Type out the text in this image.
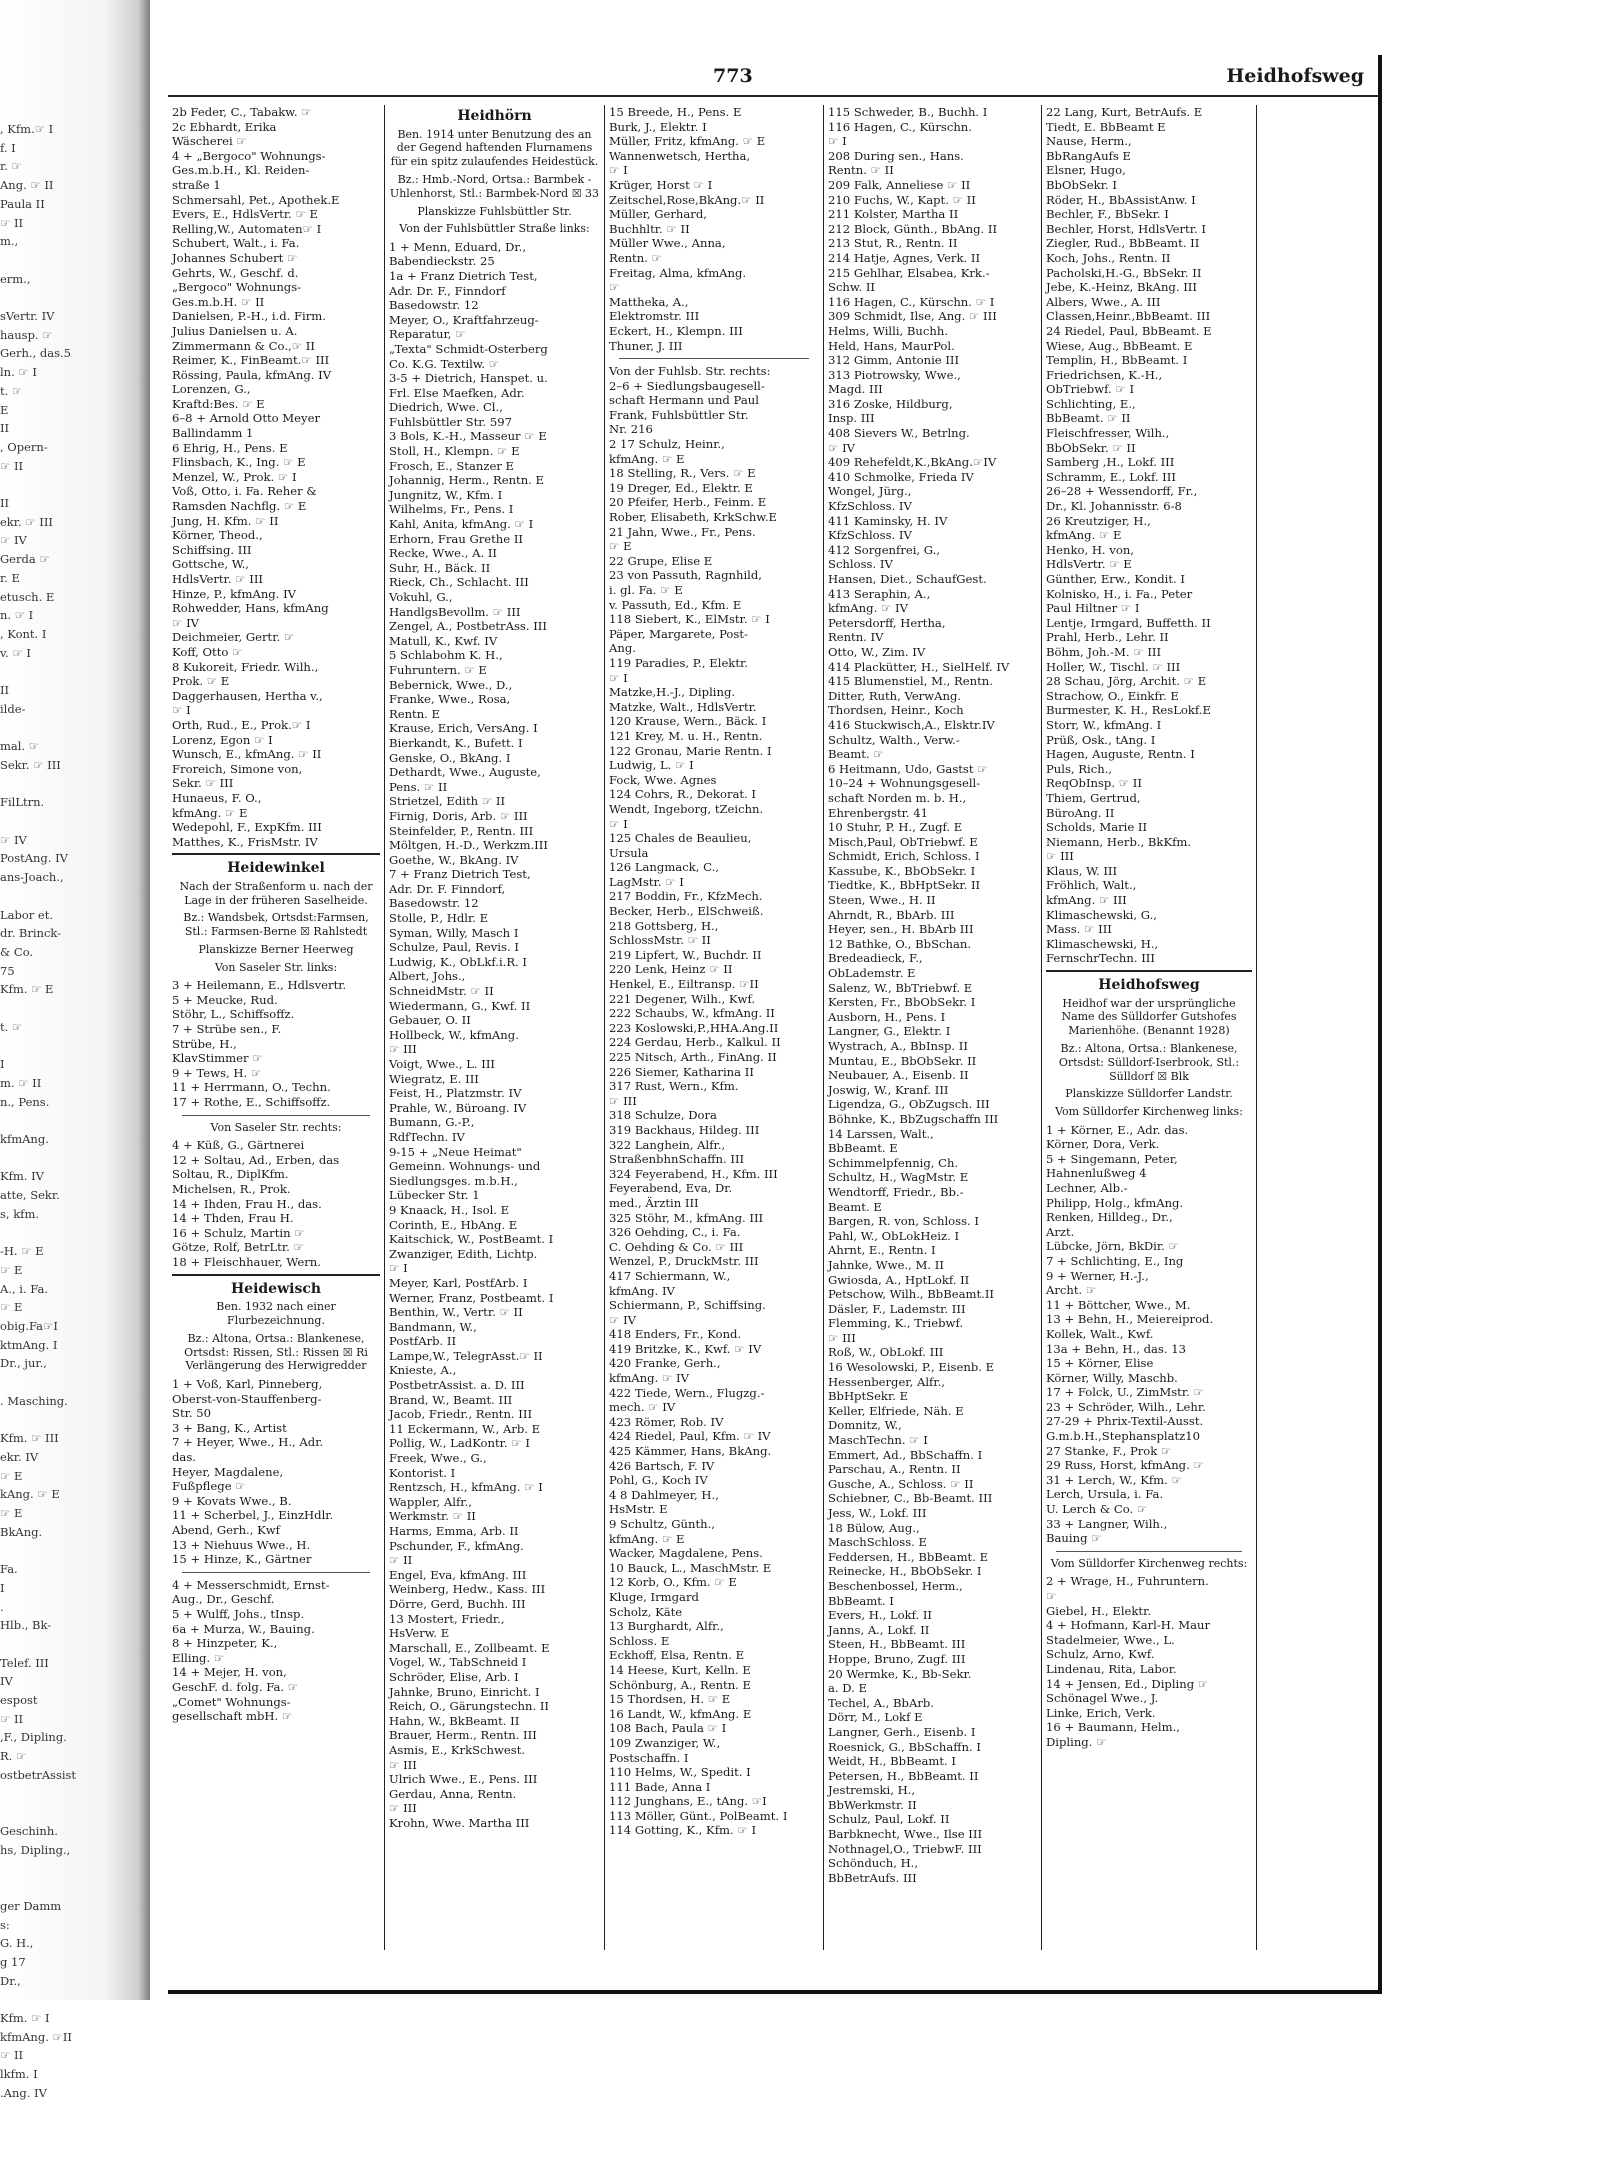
, Kfm.☞ I
f. I
r. ☞
Ang. ☞ II
Paula II
☞ II
m.,

erm.,

sVertr. IV
hausp. ☞
Gerh., das.5
ln. ☞ I
t. ☞
E
II
, Opern-
☞ II

II
ekr. ☞ III
☞ IV
Gerda ☞
r. E
etusch. E
n. ☞ I
, Kont. I
v. ☞ I

II
ilde-

mal. ☞
Sekr. ☞ III

FilLtrn.

☞ IV
PostAng. IV
ans-Joach.,

Labor et.
dr. Brinck-
& Co.
75
Kfm. ☞ E

t. ☞

I
m. ☞ II
n., Pens.

kfmAng.

Kfm. IV
atte, Sekr.
s, kfm.

-H. ☞ E
☞ E
A., i. Fa.
☞ E
obig.Fa☞I
ktmAng. I
Dr., jur.,

. Masching.

Kfm. ☞ III
ekr. IV
☞ E
kAng. ☞ E
☞ E
BkAng.

Fa.
I
.
Hlb., Bk-

Telef. III
IV
espost
☞ II
,F., Dipling.
R. ☞
ostbetrAssist

Geschinh.
hs, Dipling.,

ger Damm
s:
G. H.,
g 17
Dr.,

Kfm. ☞ I
kfmAng. ☞II
☞ II
lkfm. I
.Ang. IV
773	Heidhofsweg
2b Feder, C., Tabakw. ☞
2c Ebhardt, Erika
Wäscherei ☞
4 + „Bergoco" Wohnungs-
Ges.m.b.H., Kl. Reiden-
straße 1
Schmersahl, Pet., Apothek.E
Evers, E., HdlsVertr. ☞ E
Relling,W., Automaten☞ I
Schubert, Walt., i. Fa.
Johannes Schubert ☞
Gehrts, W., Geschf. d.
„Bergoco" Wohnungs-
Ges.m.b.H. ☞ II
Danielsen, P.-H., i.d. Firm.
Julius Danielsen u. A.
Zimmermann & Co.,☞ II
Reimer, K., FinBeamt.☞ III
Rössing, Paula, kfmAng. IV
Lorenzen, G.,
Kraftd:Bes. ☞ E
6–8 + Arnold Otto Meyer
Ballindamm 1
6 Ehrig, H., Pens. E
Flinsbach, K., Ing. ☞ E
Menzel, W., Prok. ☞ I
Voß, Otto, i. Fa. Reher &
Ramsden Nachflg. ☞ E
Jung, H. Kfm. ☞ II
Körner, Theod.,
Schiffsing. III
Gottsche, W.,
HdlsVertr. ☞ III
Hinze, P., kfmAng. IV
Rohwedder, Hans, kfmAng
☞ IV
Deichmeier, Gertr. ☞
Koff, Otto ☞
8 Kukoreit, Friedr. Wilh.,
Prok. ☞ E
Daggerhausen, Hertha v.,
☞ I
Orth, Rud., E., Prok.☞ I
Lorenz, Egon ☞ I
Wunsch, E., kfmAng. ☞ II
Froreich, Simone von,
Sekr. ☞ III
Hunaeus, F. O.,
kfmAng. ☞ E
Wedepohl, F., ExpKfm. III
Matthes, K., FrisMstr. IV
Heidewinkel
Nach der Straßenform u. nach der Lage in der früheren Saselheide.
Bz.: Wandsbek, Ortsdst:Farmsen, Stl.: Farmsen-Berne ☒ Rahlstedt
Planskizze Berner Heerweg
Von Saseler Str. links:
3 + Heilemann, E., Hdlsvertr.
5 + Meucke, Rud.
Stöhr, L., Schiffsoffz.
7 + Strübe sen., F.
Strübe, H.,
KlavStimmer ☞
9 + Tews, H. ☞
11 + Herrmann, O., Techn.
17 + Rothe, E., Schiffsoffz.
Von Saseler Str. rechts:
4 + Küß, G., Gärtnerei
12 + Soltau, Ad., Erben, das
Soltau, R., DiplKfm.
Michelsen, R., Prok.
14 + Ihden, Frau H., das.
14 + Thden, Frau H.
16 + Schulz, Martin ☞
Götze, Rolf, BetrLtr. ☞
18 + Fleischhauer, Wern.
Heidewisch
Ben. 1932 nach einer Flurbezeichnung.
Bz.: Altona, Ortsa.: Blankenese, Ortsdst: Rissen, Stl.: Rissen ☒ Ri Verlängerung des Herwigredder
1 + Voß, Karl, Pinneberg,
Oberst-von-Stauffenberg-
Str. 50
3 + Bang, K., Artist
7 + Heyer, Wwe., H., Adr.
das.
Heyer, Magdalene,
Fußpflege ☞
9 + Kovats Wwe., B.
11 + Scherbel, J., EinzHdlr.
Abend, Gerh., Kwf
13 + Niehuus Wwe., H.
15 + Hinze, K., Gärtner
4 + Messerschmidt, Ernst-
Aug., Dr., Geschf.
5 + Wulff, Johs., tInsp.
6a + Murza, W., Bauing.
8 + Hinzpeter, K.,
Elling. ☞
14 + Mejer, H. von,
GeschF. d. folg. Fa. ☞
„Comet" Wohnungs-
gesellschaft mbH. ☞
Heidhörn
Ben. 1914 unter Benutzung des an der Gegend haftenden Flurnamens für ein spitz zulaufendes Heidestück.
Bz.: Hmb.-Nord, Ortsa.: Barmbek - Uhlenhorst, Stl.: Barmbek-Nord ☒ 33
Planskizze Fuhlsbüttler Str.
Von der Fuhlsbüttler Straße links:
1 + Menn, Eduard, Dr.,
Babendieckstr. 25
1a + Franz Dietrich Test,
Adr. Dr. F., Finndorf
Basedowstr. 12
Meyer, O., Kraftfahrzeug-
Reparatur, ☞
„Texta" Schmidt-Osterberg
Co. K.G. Textilw. ☞
3-5 + Dietrich, Hanspet. u.
Frl. Else Maefken, Adr.
Diedrich, Wwe. Cl.,
Fuhlsbüttler Str. 597
3 Bols, K.-H., Masseur ☞ E
Stoll, H., Klempn. ☞ E
Frosch, E., Stanzer E
Johannig, Herm., Rentn. E
Jungnitz, W., Kfm. I
Wilhelms, Fr., Pens. I
Kahl, Anita, kfmAng. ☞ I
Erhorn, Frau Grethe II
Recke, Wwe., A. II
Suhr, H., Bäck. II
Rieck, Ch., Schlacht. III
Vokuhl, G.,
HandlgsBevollm. ☞ III
Zengel, A., PostbetrAss. III
Matull, K., Kwf. IV
5 Schlabohm K. H.,
Fuhruntern. ☞ E
Bebernick, Wwe., D.,
Franke, Wwe., Rosa,
Rentn. E
Krause, Erich, VersAng. I
Bierkandt, K., Bufett. I
Genske, O., BkAng. I
Dethardt, Wwe., Auguste,
Pens. ☞ II
Strietzel, Edith ☞ II
Firnig, Doris, Arb. ☞ III
Steinfelder, P., Rentn. III
Möltgen, H.-D., Werkzm.III
Goethe, W., BkAng. IV
7 + Franz Dietrich Test,
Adr. Dr. F. Finndorf,
Basedowstr. 12
Stolle, P., Hdlr. E
Syman, Willy, Masch I
Schulze, Paul, Revis. I
Ludwig, K., ObLkf.i.R. I
Albert, Johs.,
SchneidMstr. ☞ II
Wiedermann, G., Kwf. II
Gebauer, O. II
Hollbeck, W., kfmAng.
☞ III
Voigt, Wwe., L. III
Wiegratz, E. III
Feist, H., Platzmstr. IV
Prahle, W., Büroang. IV
Bumann, G.-P.,
RdfTechn. IV
9-15 + „Neue Heimat"
Gemeinn. Wohnungs- und
Siedlungsges. m.b.H.,
Lübecker Str. 1
9 Knaack, H., Isol. E
Corinth, E., HbAng. E
Kaitschick, W., PostBeamt. I
Zwanziger, Edith, Lichtp.
☞ I
Meyer, Karl, PostfArb. I
Werner, Franz, Postbeamt. I
Benthin, W., Vertr. ☞ II
Bandmann, W.,
PostfArb. II
Lampe,W., TelegrAsst.☞ II
Knieste, A.,
PostbetrAssist. a. D. III
Brand, W., Beamt. III
Jacob, Friedr., Rentn. III
11 Eckermann, W., Arb. E
Pollig, W., LadKontr. ☞ I
Freek, Wwe., G.,
Kontorist. I
Rentzsch, H., kfmAng. ☞ I
Wappler, Alfr.,
Werkmstr. ☞ II
Harms, Emma, Arb. II
Pschunder, F., kfmAng.
☞ II
Engel, Eva, kfmAng. III
Weinberg, Hedw., Kass. III
Dörre, Gerd, Buchh. III
13 Mostert, Friedr.,
HsVerw. E
Marschall, E., Zollbeamt. E
Vogel, W., TabSchneid I
Schröder, Elise, Arb. I
Jahnke, Bruno, Einricht. I
Reich, O., Gärungstechn. II
Hahn, W., BkBeamt. II
Brauer, Herm., Rentn. III
Asmis, E., KrkSchwest.
☞ III
Ulrich Wwe., E., Pens. III
Gerdau, Anna, Rentn.
☞ III
Krohn, Wwe. Martha III
15 Breede, H., Pens. E
Burk, J., Elektr. I
Müller, Fritz, kfmAng. ☞ E
Wannenwetsch, Hertha,
☞ I
Krüger, Horst ☞ I
Zeitschel,Rose,BkAng.☞ II
Müller, Gerhard,
Buchhltr. ☞ II
Müller Wwe., Anna,
Rentn. ☞
Freitag, Alma, kfmAng.
☞
Mattheka, A.,
Elektromstr. III
Eckert, H., Klempn. III
Thuner, J. III
Von der Fuhlsb. Str. rechts:
2–6 + Siedlungsbaugesell-
schaft Hermann und Paul
Frank, Fuhlsbüttler Str.
Nr. 216
2 17 Schulz, Heinr.,
kfmAng. ☞ E
18 Stelling, R., Vers. ☞ E
19 Dreger, Ed., Elektr. E
20 Pfeifer, Herb., Feinm. E
Rober, Elisabeth, KrkSchw.E
21 Jahn, Wwe., Fr., Pens.
☞ E
22 Grupe, Elise E
23 von Passuth, Ragnhild,
i. gl. Fa. ☞ E
v. Passuth, Ed., Kfm. E
118 Siebert, K., ElMstr. ☞ I
Päper, Margarete, Post-
Ang.
119 Paradies, P., Elektr.
☞ I
Matzke,H.-J., Dipling.
Matzke, Walt., HdlsVertr.
120 Krause, Wern., Bäck. I
121 Krey, M. u. H., Rentn.
122 Gronau, Marie Rentn. I
Ludwig, L. ☞ I
Fock, Wwe. Agnes
124 Cohrs, R., Dekorat. I
Wendt, Ingeborg, tZeichn.
☞ I
125 Chales de Beaulieu,
Ursula
126 Langmack, C.,
LagMstr. ☞ I
217 Boddin, Fr., KfzMech.
Becker, Herb., ElSchweiß.
218 Gottsberg, H.,
SchlossMstr. ☞ II
219 Lipfert, W., Buchdr. II
220 Lenk, Heinz ☞ II
Henkel, E., Eiltransp. ☞II
221 Degener, Wilh., Kwf.
222 Schaubs, W., kfmAng. II
223 Koslowski,P.,HHA.Ang.II
224 Gerdau, Herb., Kalkul. II
225 Nitsch, Arth., FinAng. II
226 Siemer, Katharina II
317 Rust, Wern., Kfm.
☞ III
318 Schulze, Dora
319 Backhaus, Hildeg. III
322 Langhein, Alfr.,
StraßenbhnSchaffn. III
324 Feyerabend, H., Kfm. III
Feyerabend, Eva, Dr.
med., Ärztin III
325 Stöhr, M., kfmAng. III
326 Oehding, C., i. Fa.
C. Oehding & Co. ☞ III
Wenzel, P., DruckMstr. III
417 Schiermann, W.,
kfmAng. IV
Schiermann, P., Schiffsing.
☞ IV
418 Enders, Fr., Kond.
419 Britzke, K., Kwf. ☞ IV
420 Franke, Gerh.,
kfmAng. ☞ IV
422 Tiede, Wern., Flugzg.-
mech. ☞ IV
423 Römer, Rob. IV
424 Riedel, Paul, Kfm. ☞ IV
425 Kämmer, Hans, BkAng.
426 Bartsch, F. IV
Pohl, G., Koch IV
4 8 Dahlmeyer, H.,
HsMstr. E
9 Schultz, Günth.,
kfmAng. ☞ E
Wacker, Magdalene, Pens.
10 Bauck, L., MaschMstr. E
12 Korb, O., Kfm. ☞ E
Kluge, Irmgard
Scholz, Käte
13 Burghardt, Alfr.,
Schloss. E
Eckhoff, Elsa, Rentn. E
14 Heese, Kurt, Kelln. E
Schönburg, A., Rentn. E
15 Thordsen, H. ☞ E
16 Landt, W., kfmAng. E
108 Bach, Paula ☞ I
109 Zwanziger, W.,
Postschaffn. I
110 Helms, W., Spedit. I
111 Bade, Anna I
112 Junghans, E., tAng. ☞I
113 Möller, Günt., PolBeamt. I
114 Gotting, K., Kfm. ☞ I
115 Schweder, B., Buchh. I
116 Hagen, C., Kürschn.
☞ I
208 During sen., Hans.
Rentn. ☞ II
209 Falk, Anneliese ☞ II
210 Fuchs, W., Kapt. ☞ II
211 Kolster, Martha II
212 Block, Günth., BbAng. II
213 Stut, R., Rentn. II
214 Hatje, Agnes, Verk. II
215 Gehlhar, Elsabea, Krk.-
Schw. II
116 Hagen, C., Kürschn. ☞ I
309 Schmidt, Ilse, Ang. ☞ III
Helms, Willi, Buchh.
Held, Hans, MaurPol.
312 Gimm, Antonie III
313 Piotrowsky, Wwe.,
Magd. III
316 Zoske, Hildburg,
Insp. III
408 Sievers W., Betrlng.
☞ IV
409 Rehefeldt,K.,BkAng.☞IV
410 Schmolke, Frieda IV
Wongel, Jürg.,
KfzSchloss. IV
411 Kaminsky, H. IV
KfzSchloss. IV
412 Sorgenfrei, G.,
Schloss. IV
Hansen, Diet., SchaufGest.
413 Seraphin, A.,
kfmAng. ☞ IV
Petersdorff, Hertha,
Rentn. IV
Otto, W., Zim. IV
414 Plackütter, H., SielHelf. IV
415 Blumenstiel, M., Rentn.
Ditter, Ruth, VerwAng.
Thordsen, Heinr., Koch
416 Stuckwisch,A., Elsktr.IV
Schultz, Walth., Verw.-
Beamt. ☞
6 Heitmann, Udo, Gastst ☞
10–24 + Wohnungsgesell-
schaft Norden m. b. H.,
Ehrenbergstr. 41
10 Stuhr, P. H., Zugf. E
Misch,Paul, ObTriebwf. E
Schmidt, Erich, Schloss. I
Kassube, K., BbObSekr. I
Tiedtke, K., BbHptSekr. II
Steen, Wwe., H. II
Ahrndt, R., BbArb. III
Heyer, sen., H. BbArb III
12 Bathke, O., BbSchan.
Bredeadieck, F.,
ObLademstr. E
Salenz, W., BbTriebwf. E
Kersten, Fr., BbObSekr. I
Ausborn, H., Pens. I
Langner, G., Elektr. I
Wystrach, A., BbInsp. II
Muntau, E., BbObSekr. II
Neubauer, A., Eisenb. II
Joswig, W., Kranf. III
Ligendza, G., ObZugsch. III
Böhnke, K., BbZugschaffn III
14 Larssen, Walt.,
BbBeamt. E
Schimmelpfennig, Ch.
Schultz, H., WagMstr. E
Wendtorff, Friedr., Bb.-
Beamt. E
Bargen, R. von, Schloss. I
Pahl, W., ObLokHeiz. I
Ahrnt, E., Rentn. I
Jahnke, Wwe., M. II
Gwiosda, A., HptLokf. II
Petschow, Wilh., BbBeamt.II
Däsler, F., Lademstr. III
Flemming, K., Triebwf.
☞ III
Roß, W., ObLokf. III
16 Wesolowski, P., Eisenb. E
Hessenberger, Alfr.,
BbHptSekr. E
Keller, Elfriede, Näh. E
Domnitz, W.,
MaschTechn. ☞ I
Emmert, Ad., BbSchaffn. I
Parschau, A., Rentn. II
Gusche, A., Schloss. ☞ II
Schiebner, C., Bb-Beamt. III
Jess, W., Lokf. III
18 Bülow, Aug.,
MaschSchloss. E
Feddersen, H., BbBeamt. E
Reinecke, H., BbObSekr. I
Beschenbossel, Herm.,
BbBeamt. I
Evers, H., Lokf. II
Janns, A., Lokf. II
Steen, H., BbBeamt. III
Hoppe, Bruno, Zugf. III
20 Wermke, K., Bb-Sekr.
a. D. E
Techel, A., BbArb.
Dörr, M., Lokf E
Langner, Gerh., Eisenb. I
Roesnick, G., BbSchaffn. I
Weidt, H., BbBeamt. I
Petersen, H., BbBeamt. II
Jestremski, H.,
BbWerkmstr. II
Schulz, Paul, Lokf. II
Barbknecht, Wwe., Ilse III
Nothnagel,O., TriebwF. III
Schönduch, H.,
BbBetrAufs. III
22 Lang, Kurt, BetrAufs. E
Tiedt, E. BbBeamt E
Nause, Herm.,
BbRangAufs E
Elsner, Hugo,
BbObSekr. I
Röder, H., BbAssistAnw. I
Bechler, F., BbSekr. I
Bechler, Horst, HdlsVertr. I
Ziegler, Rud., BbBeamt. II
Koch, Johs., Rentn. II
Pacholski,H.-G., BbSekr. II
Jebe, K.-Heinz, BkAng. III
Albers, Wwe., A. III
Classen,Heinr.,BbBeamt. III
24 Riedel, Paul, BbBeamt. E
Wiese, Aug., BbBeamt. E
Templin, H., BbBeamt. I
Friedrichsen, K.-H.,
ObTriebwf. ☞ I
Schlichting, E.,
BbBeamt. ☞ II
Fleischfresser, Wilh.,
BbObSekr. ☞ II
Samberg ,H., Lokf. III
Schramm, E., Lokf. III
26–28 + Wessendorff, Fr.,
Dr., Kl. Johannisstr. 6-8
26 Kreutziger, H.,
kfmAng. ☞ E
Henko, H. von,
HdlsVertr. ☞ E
Günther, Erw., Kondit. I
Kolnisko, H., i. Fa., Peter
Paul Hiltner ☞ I
Lentje, Irmgard, Buffetth. II
Prahl, Herb., Lehr. II
Böhm, Joh.-M. ☞ III
Holler, W., Tischl. ☞ III
28 Schau, Jörg, Archit. ☞ E
Strachow, O., Einkfr. E
Burmester, K. H., ResLokf.E
Storr, W., kfmAng. I
Prüß, Osk., tAng. I
Hagen, Auguste, Rentn. I
Puls, Rich.,
ReqObInsp. ☞ II
Thiem, Gertrud,
BüroAng. II
Scholds, Marie II
Niemann, Herb., BkKfm.
☞ III
Klaus, W. III
Fröhlich, Walt.,
kfmAng. ☞ III
Klimaschewski, G.,
Mass. ☞ III
Klimaschewski, H.,
FernschrTechn. III
Heidhofsweg
Heidhof war der ursprüngliche Name des Sülldorfer Gutshofes Marienhöhe. (Benannt 1928)
Bz.: Altona, Ortsa.: Blankenese, Ortsdst: Sülldorf-Iserbrook, Stl.: Sülldorf ☒ Blk
Planskizze Sülldorfer Landstr.
Vom Sülldorfer Kirchenweg links:
1 + Körner, E., Adr. das.
Körner, Dora, Verk.
5 + Singemann, Peter,
Hahnenlußweg 4
Lechner, Alb.-
Philipp, Holg., kfmAng.
Renken, Hilldeg., Dr.,
Arzt.
Lübcke, Jörn, BkDir. ☞
7 + Schlichting, E., Ing
9 + Werner, H.-J.,
Archt. ☞
11 + Böttcher, Wwe., M.
13 + Behn, H., Meiereiprod.
Kollek, Walt., Kwf.
13a + Behn, H., das. 13
15 + Körner, Elise
Körner, Willy, Maschb.
17 + Folck, U., ZimMstr. ☞
23 + Schröder, Wilh., Lehr.
27-29 + Phrix-Textil-Ausst.
G.m.b.H.,Stephansplatz10
27 Stanke, F., Prok ☞
29 Russ, Horst, kfmAng. ☞
31 + Lerch, W., Kfm. ☞
Lerch, Ursula, i. Fa.
U. Lerch & Co. ☞
33 + Langner, Wilh.,
Bauing ☞
Vom Sülldorfer Kirchenweg rechts:
2 + Wrage, H., Fuhruntern.
☞
Giebel, H., Elektr.
4 + Hofmann, Karl-H. Maur
Stadelmeier, Wwe., L.
Schulz, Arno, Kwf.
Lindenau, Rita, Labor.
14 + Jensen, Ed., Dipling ☞
Schönagel Wwe., J.
Linke, Erich, Verk.
16 + Baumann, Helm.,
Dipling. ☞
